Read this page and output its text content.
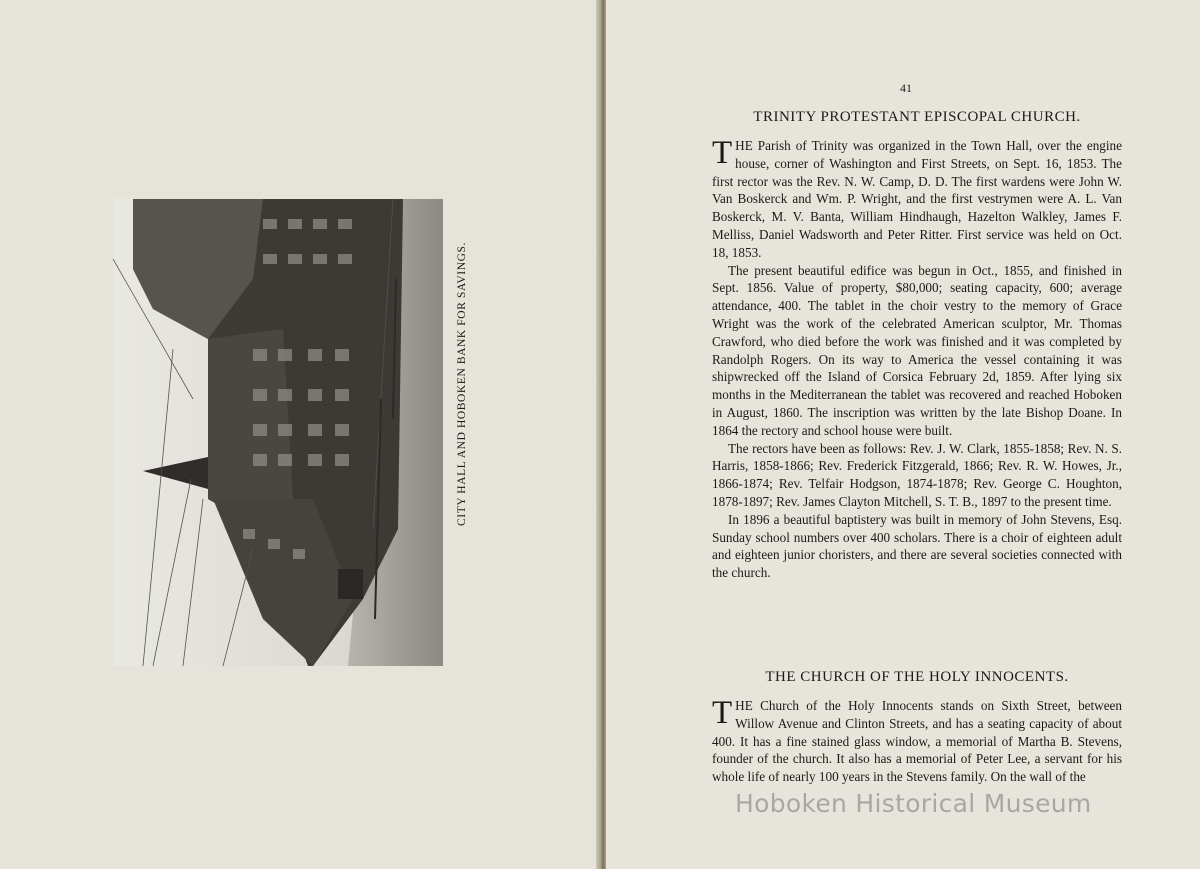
CITY HALL AND HOBOKEN BANK FOR SAVINGS.
41
TRINITY PROTESTANT EPISCOPAL CHURCH.

THE Parish of Trinity was organized in the Town Hall, over the engine house, corner of Washington and First Streets, on Sept. 16, 1853. The first rector was the Rev. N. W. Camp, D. D. The first wardens were John W. Van Boskerck and Wm. P. Wright, and the first vestrymen were A. L. Van Boskerck, M. V. Banta, William Hindhaugh, Hazelton Walkley, James F. Melliss, Daniel Wadsworth and Peter Ritter. First service was held on Oct. 18, 1853.

The present beautiful edifice was begun in Oct., 1855, and finished in Sept. 1856. Value of property, $80,000; seating capacity, 600; average attendance, 400. The tablet in the choir vestry to the memory of Grace Wright was the work of the celebrated American sculptor, Mr. Thomas Crawford, who died before the work was finished and it was completed by Randolph Rogers. On its way to America the vessel containing it was shipwrecked off the Island of Corsica February 2d, 1859. After lying six months in the Mediterranean the tablet was recovered and reached Hoboken in August, 1860. The inscription was written by the late Bishop Doane. In 1864 the rectory and school house were built.

The rectors have been as follows: Rev. J. W. Clark, 1855-1858; Rev. N. S. Harris, 1858-1866; Rev. Frederick Fitzgerald, 1866; Rev. R. W. Howes, Jr., 1866-1874; Rev. Telfair Hodgson, 1874-1878; Rev. George C. Houghton, 1878-1897; Rev. James Clayton Mitchell, S. T. B., 1897 to the present time.

In 1896 a beautiful baptistery was built in memory of John Stevens, Esq. Sunday school numbers over 400 scholars. There is a choir of eighteen adult and eighteen junior choristers, and there are several societies connected with the church.

THE CHURCH OF THE HOLY INNOCENTS.

THE Church of the Holy Innocents stands on Sixth Street, between Willow Avenue and Clinton Streets, and has a seating capacity of about 400. It has a fine stained glass window, a memorial of Martha B. Stevens, founder of the church. It also has a memorial of Peter Lee, a servant for his whole life of nearly 100 years in the Stevens family. On the wall of the

Hoboken Historical Museum
